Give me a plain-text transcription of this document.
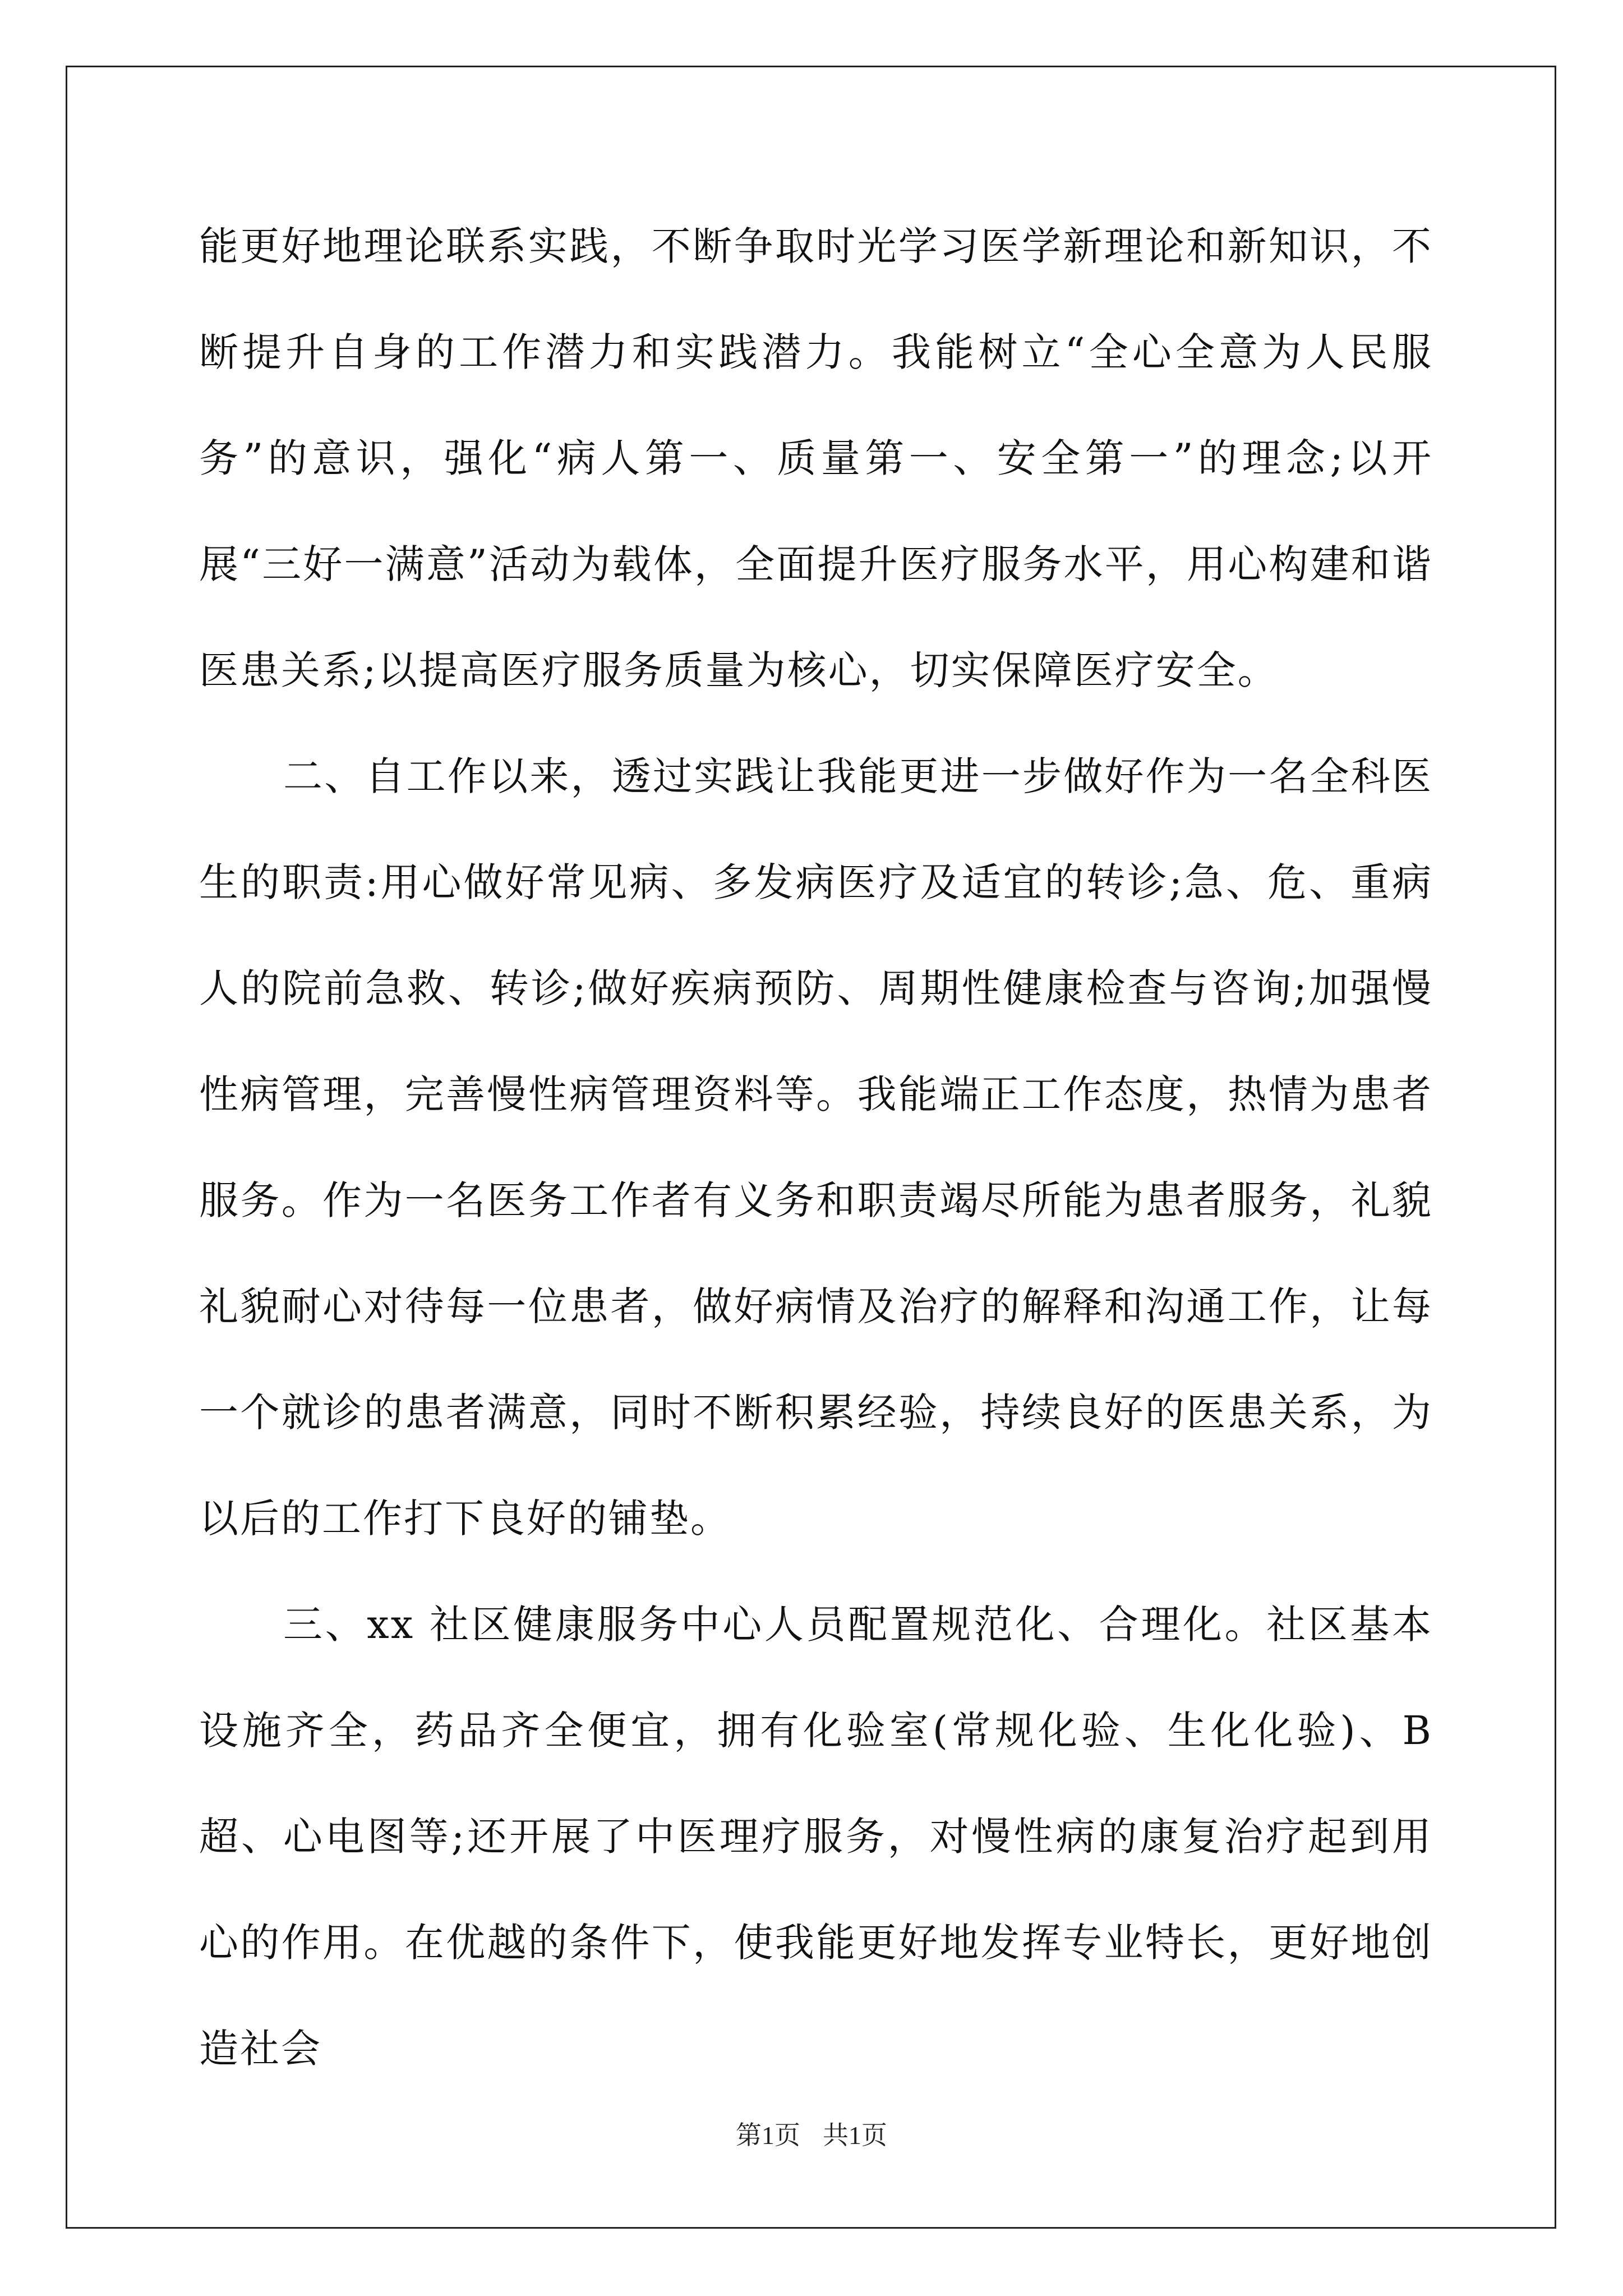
能更好地理论联系实践，不断争取时光学习医学新理论和新知识，不断提升自身的工作潜力和实践潜力。我能树立“全心全意为人民服务”的意识，强化“病人第一、质量第一、安全第一”的理念;以开展“三好一满意”活动为载体，全面提升医疗服务水平，用心构建和谐医患关系;以提高医疗服务质量为核心，切实保障医疗安全。

二、自工作以来，透过实践让我能更进一步做好作为一名全科医生的职责:用心做好常见病、多发病医疗及适宜的转诊;急、危、重病人的院前急救、转诊;做好疾病预防、周期性健康检查与咨询;加强慢性病管理，完善慢性病管理资料等。我能端正工作态度，热情为患者服务。作为一名医务工作者有义务和职责竭尽所能为患者服务，礼貌礼貌耐心对待每一位患者，做好病情及治疗的解释和沟通工作，让每一个就诊的患者满意，同时不断积累经验，持续良好的医患关系，为以后的工作打下良好的铺垫。

三、xx 社区健康服务中心人员配置规范化、合理化。社区基本设施齐全，药品齐全便宜，拥有化验室(常规化验、生化化验)、B 超、心电图等;还开展了中医理疗服务，对慢性病的康复治疗起到用心的作用。在优越的条件下，使我能更好地发挥专业特长，更好地创造社会

第1页 共1页
